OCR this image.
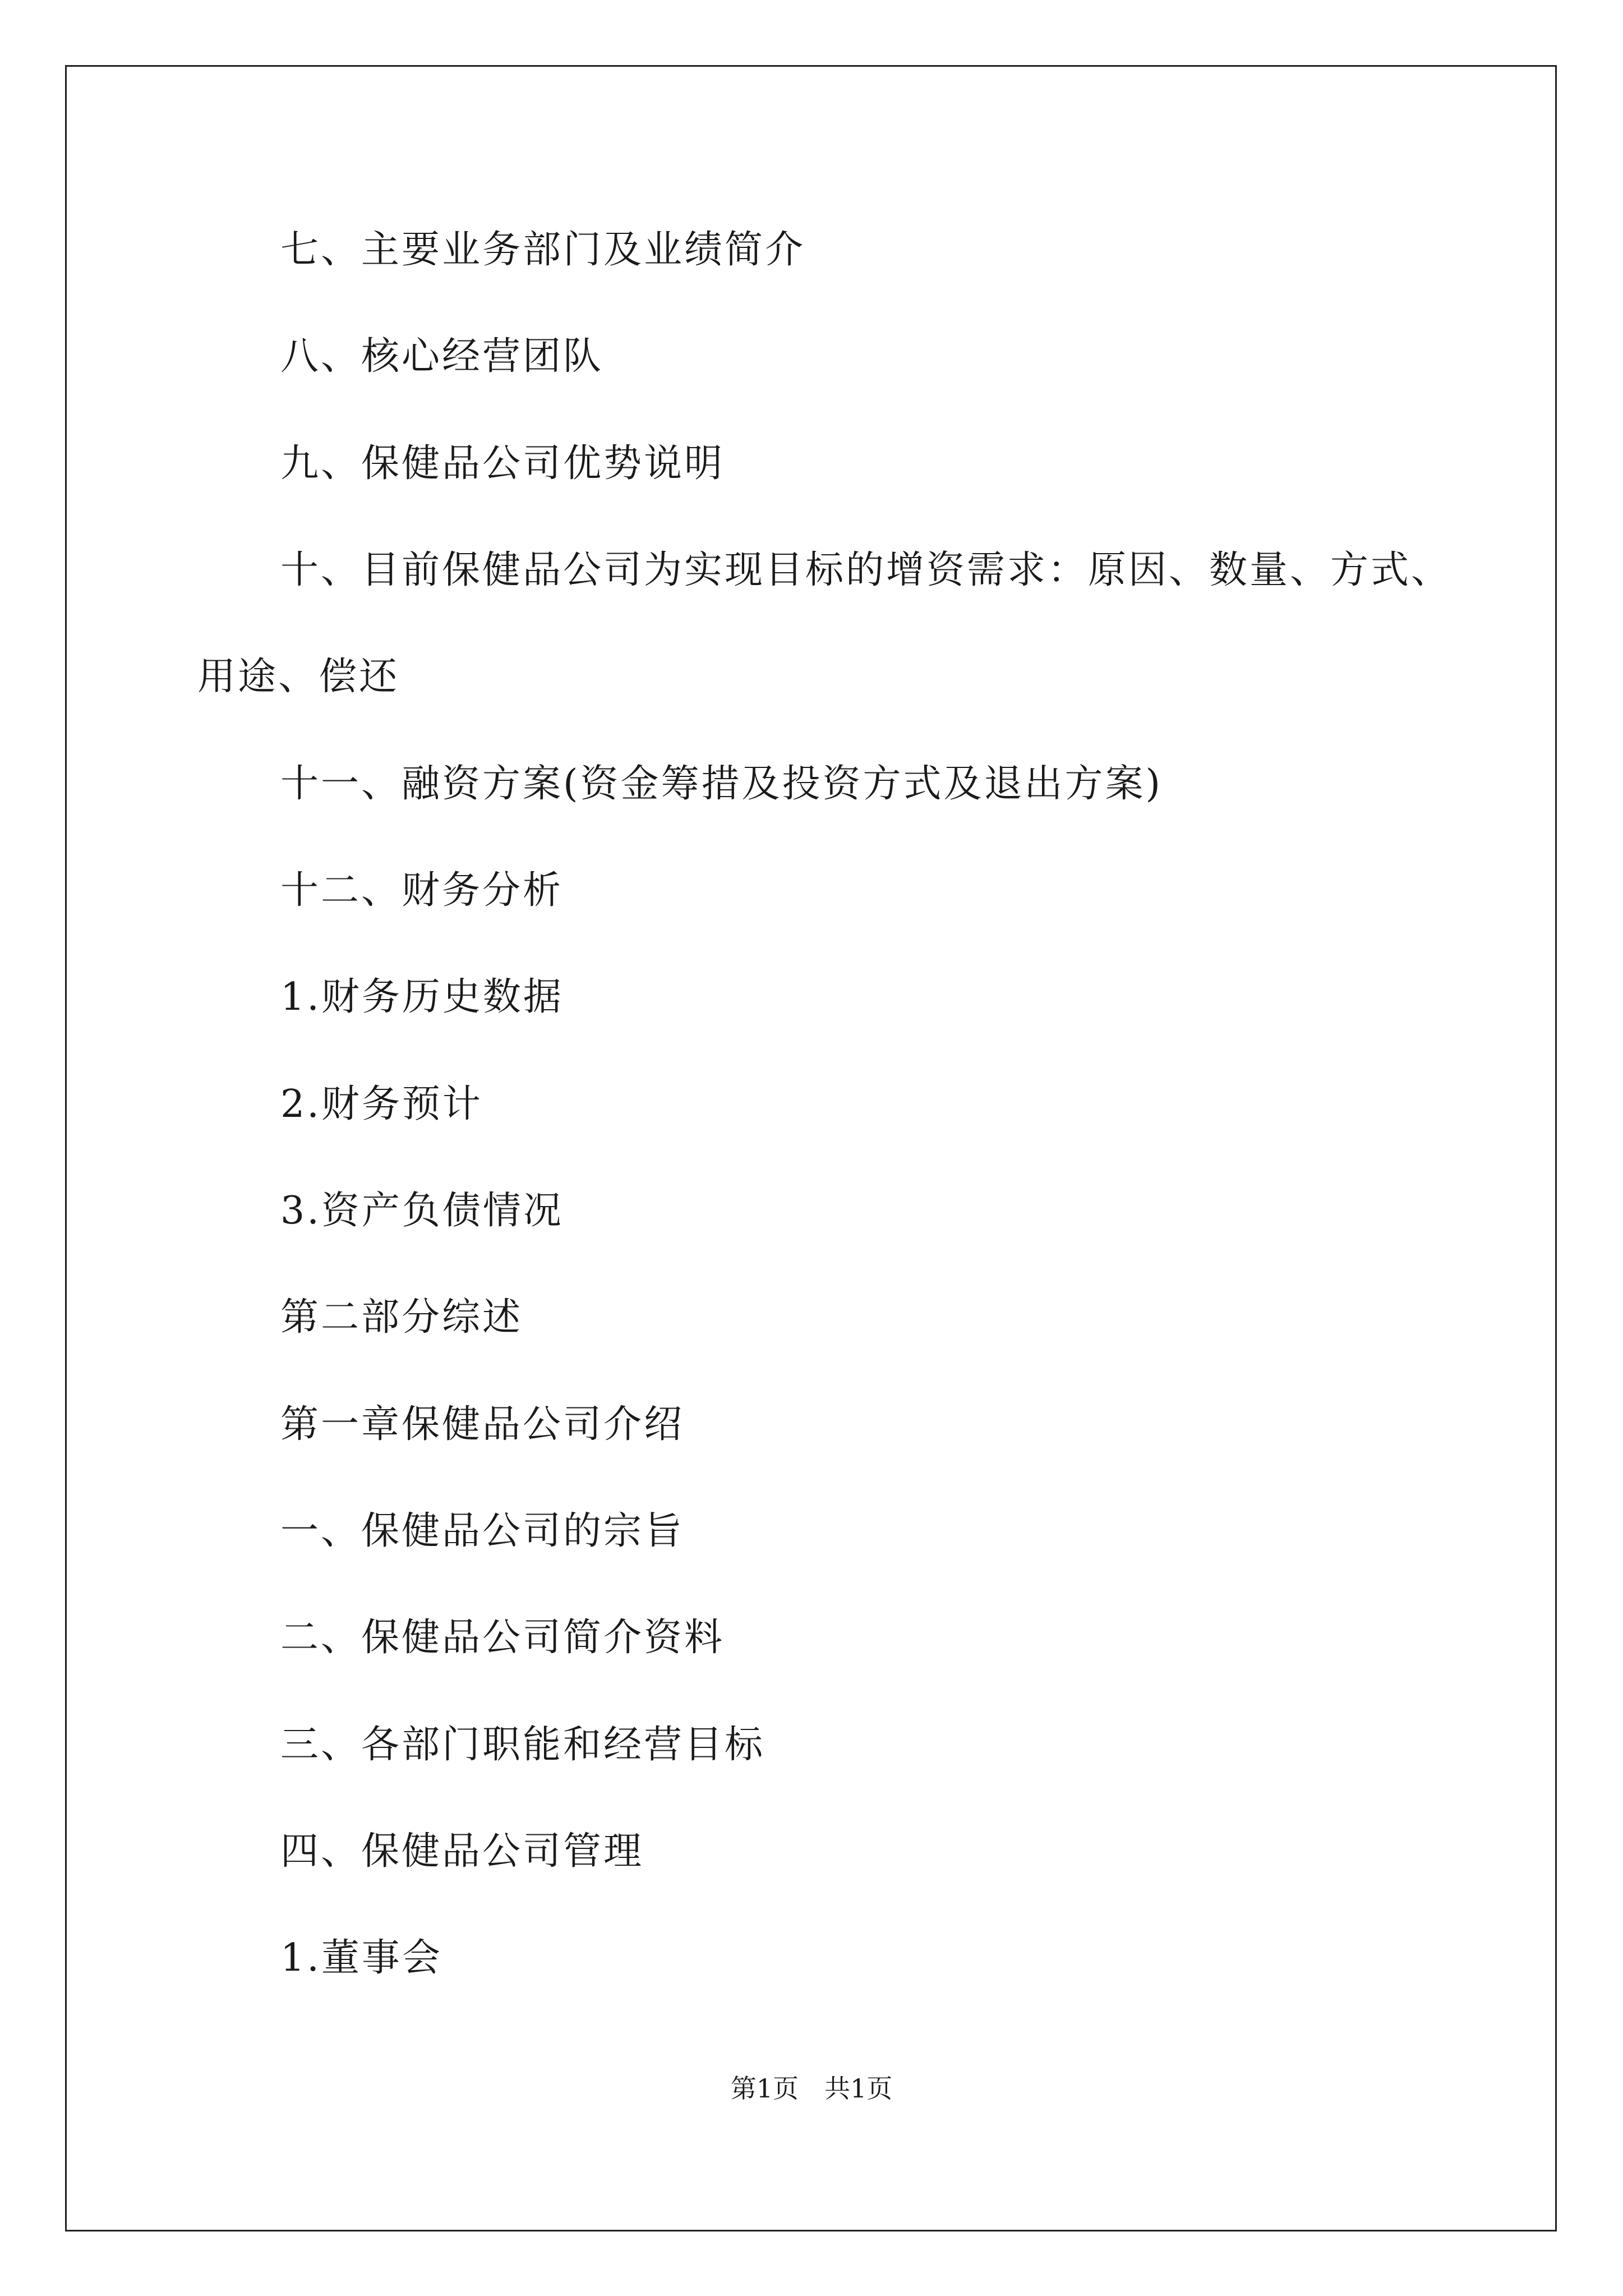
七、主要业务部门及业绩简介
八、核心经营团队
九、保健品公司优势说明
十、目前保健品公司为实现目标的增资需求：原因、数量、方式、
用途、偿还
十一、融资方案(资金筹措及投资方式及退出方案)
十二、财务分析
1.财务历史数据
2.财务预计
3.资产负债情况
第二部分综述
第一章保健品公司介绍
一、保健品公司的宗旨
二、保健品公司简介资料
三、各部门职能和经营目标
四、保健品公司管理
1.董事会
第1页　共1页
